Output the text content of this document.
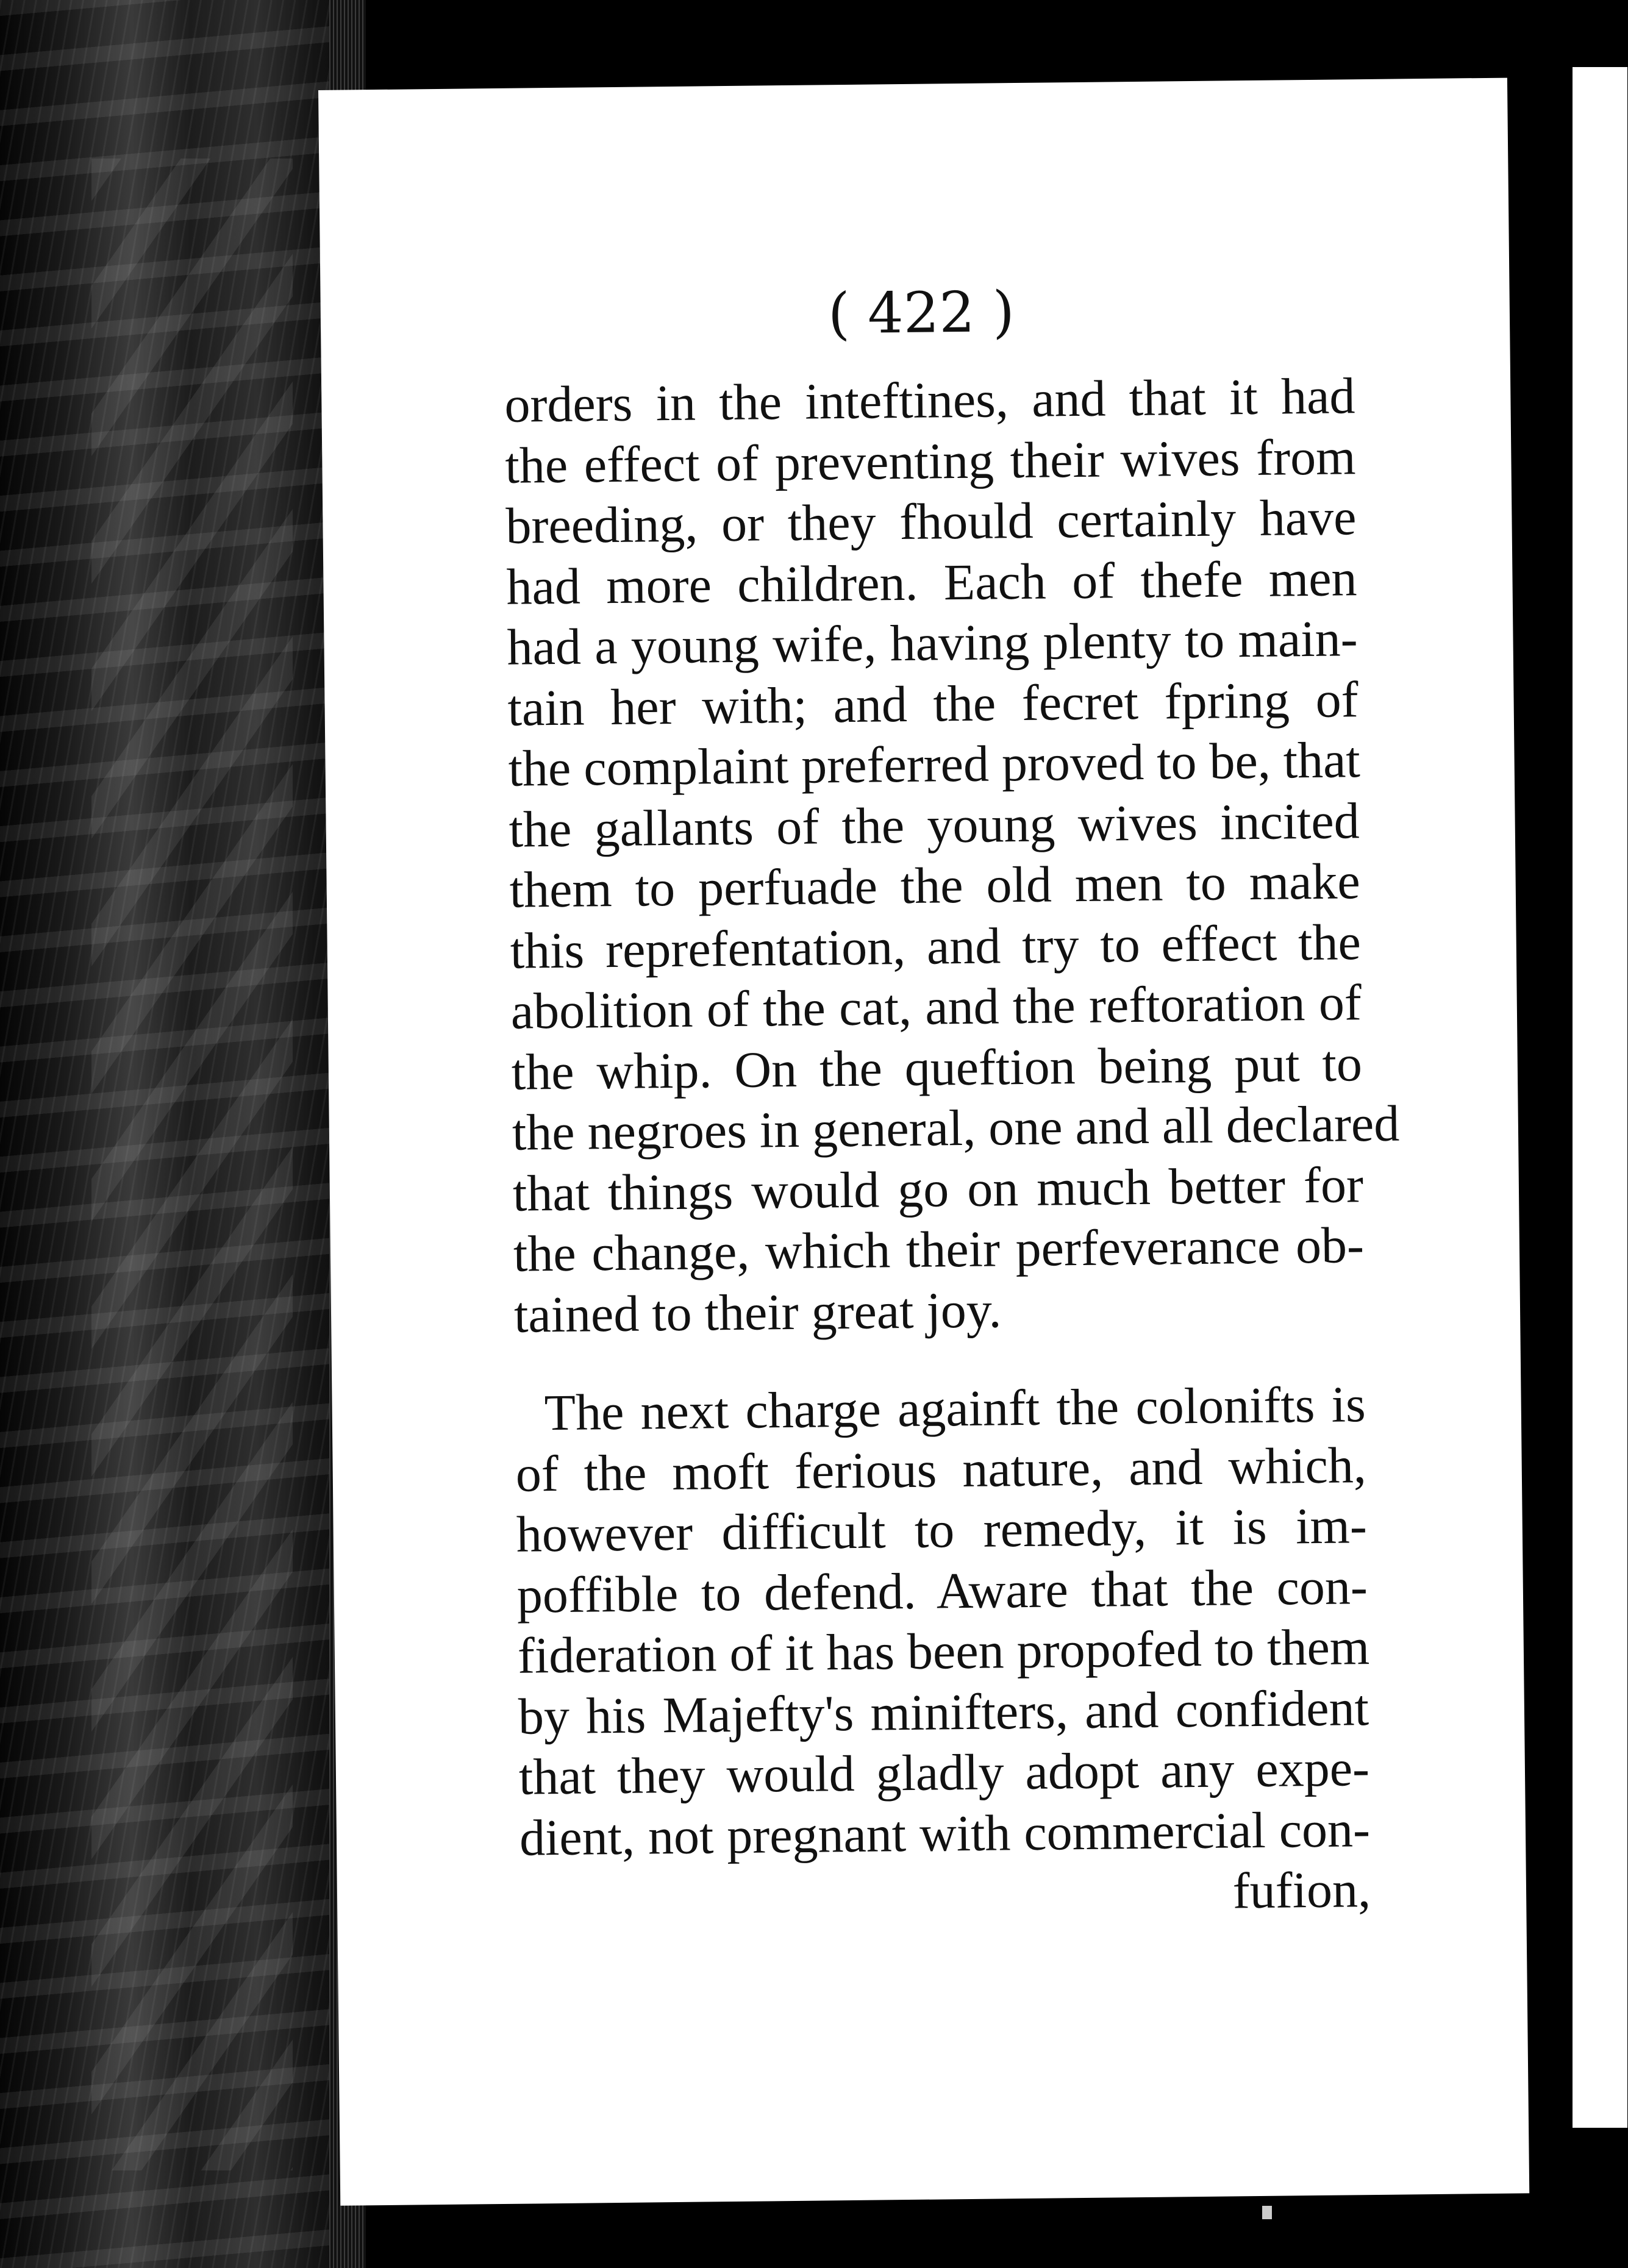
( 422 )
orders in the inteftines, and that it had
the effect of preventing their wives from
breeding, or they fhould certainly have
had more children. Each of thefe men
had a young wife, having plenty to main-
tain her with; and the fecret fpring of
the complaint preferred proved to be, that
the gallants of the young wives incited
them to perfuade the old men to make
this reprefentation, and try to effect the
abolition of the cat, and the reftoration of
the whip. On the queftion being put to
the negroes in general, one and all declared
that things would go on much better for
the change, which their perfeverance ob-
tained to their great joy.
The next charge againft the colonifts is
of the moft ferious nature, and which,
however difficult to remedy, it is im-
poffible to defend. Aware that the con-
fideration of it has been propofed to them
by his Majefty's minifters, and confident
that they would gladly adopt any expe-
dient, not pregnant with commercial con-
fufion,
